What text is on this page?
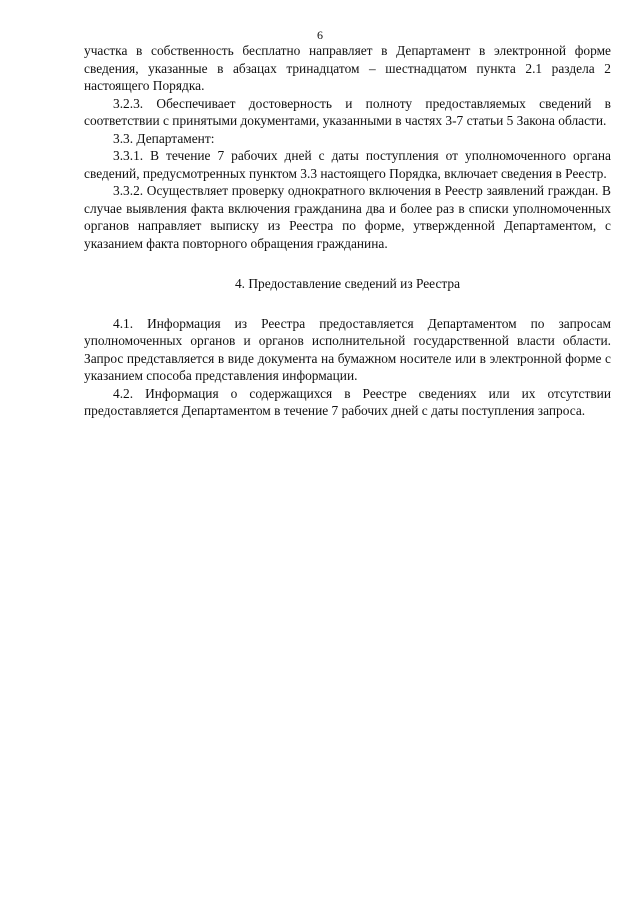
6

участка в собственность бесплатно направляет в Департамент в электронной форме сведения, указанные в абзацах тринадцатом – шестнадцатом пункта 2.1 раздела 2 настоящего Порядка.

3.2.3. Обеспечивает достоверность и полноту предоставляемых сведений в соответствии с принятыми документами, указанными в частях 3-7 статьи 5 Закона области.

3.3. Департамент:

3.3.1. В течение 7 рабочих дней с даты поступления от уполномоченного органа сведений, предусмотренных пунктом 3.3 настоящего Порядка, включает сведения в Реестр.

3.3.2. Осуществляет проверку однократного включения в Реестр заявлений граждан. В случае выявления факта включения гражданина два и более раз в списки уполномоченных органов направляет выписку из Реестра по форме, утвержденной Департаментом, с указанием факта повторного обращения гражданина.

4. Предоставление сведений из Реестра

4.1. Информация из Реестра предоставляется Департаментом по запросам уполномоченных органов и органов исполнительной государственной власти области. Запрос представляется в виде документа на бумажном носителе или в электронной форме с указанием способа представления информации.

4.2. Информация о содержащихся в Реестре сведениях или их отсутствии предоставляется Департаментом в течение 7 рабочих дней с даты поступления запроса.
